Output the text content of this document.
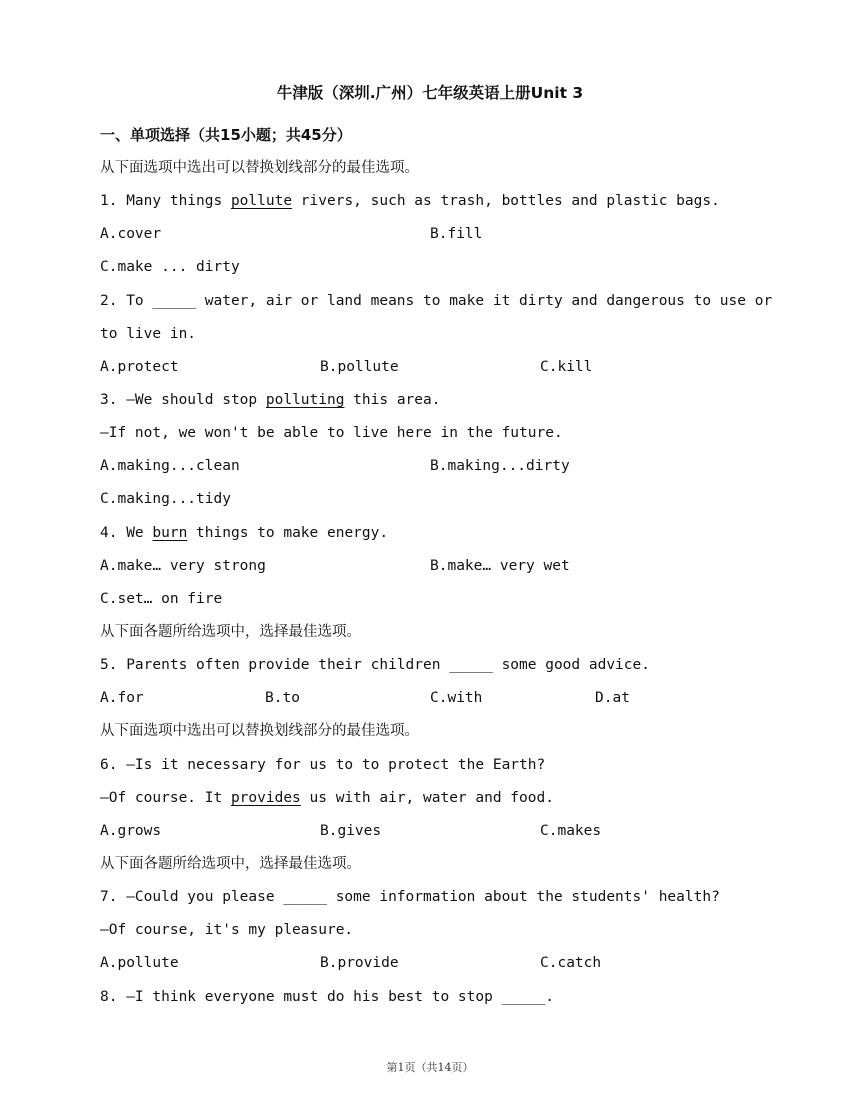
牛津版（深圳.广州）七年级英语上册Unit 3
一、单项选择（共15小题；共45分）
从下面选项中选出可以替换划线部分的最佳选项。
1. Many things pollute rivers, such as trash, bottles and plastic bags.
A.cover	B.fill
C.make ... dirty
2. To _____ water, air or land means to make it dirty and dangerous to use or
to live in.
A.protect	B.pollute	C.kill
3. —We should stop polluting this area.
—If not, we won't be able to live here in the future.
A.making...clean	B.making...dirty
C.making...tidy
4. We burn things to make energy.
A.make… very strong	B.make… very wet
C.set… on fire
从下面各题所给选项中，选择最佳选项。
5. Parents often provide their children _____ some good advice.
A.for	B.to	C.with	D.at
从下面选项中选出可以替换划线部分的最佳选项。
6. —Is it necessary for us to to protect the Earth?
—Of course. It provides us with air, water and food.
A.grows	B.gives	C.makes
从下面各题所给选项中，选择最佳选项。
7. —Could you please _____ some information about the students' health?
—Of course, it's my pleasure.
A.pollute	B.provide	C.catch
8. —I think everyone must do his best to stop _____.
第1页（共14页）
